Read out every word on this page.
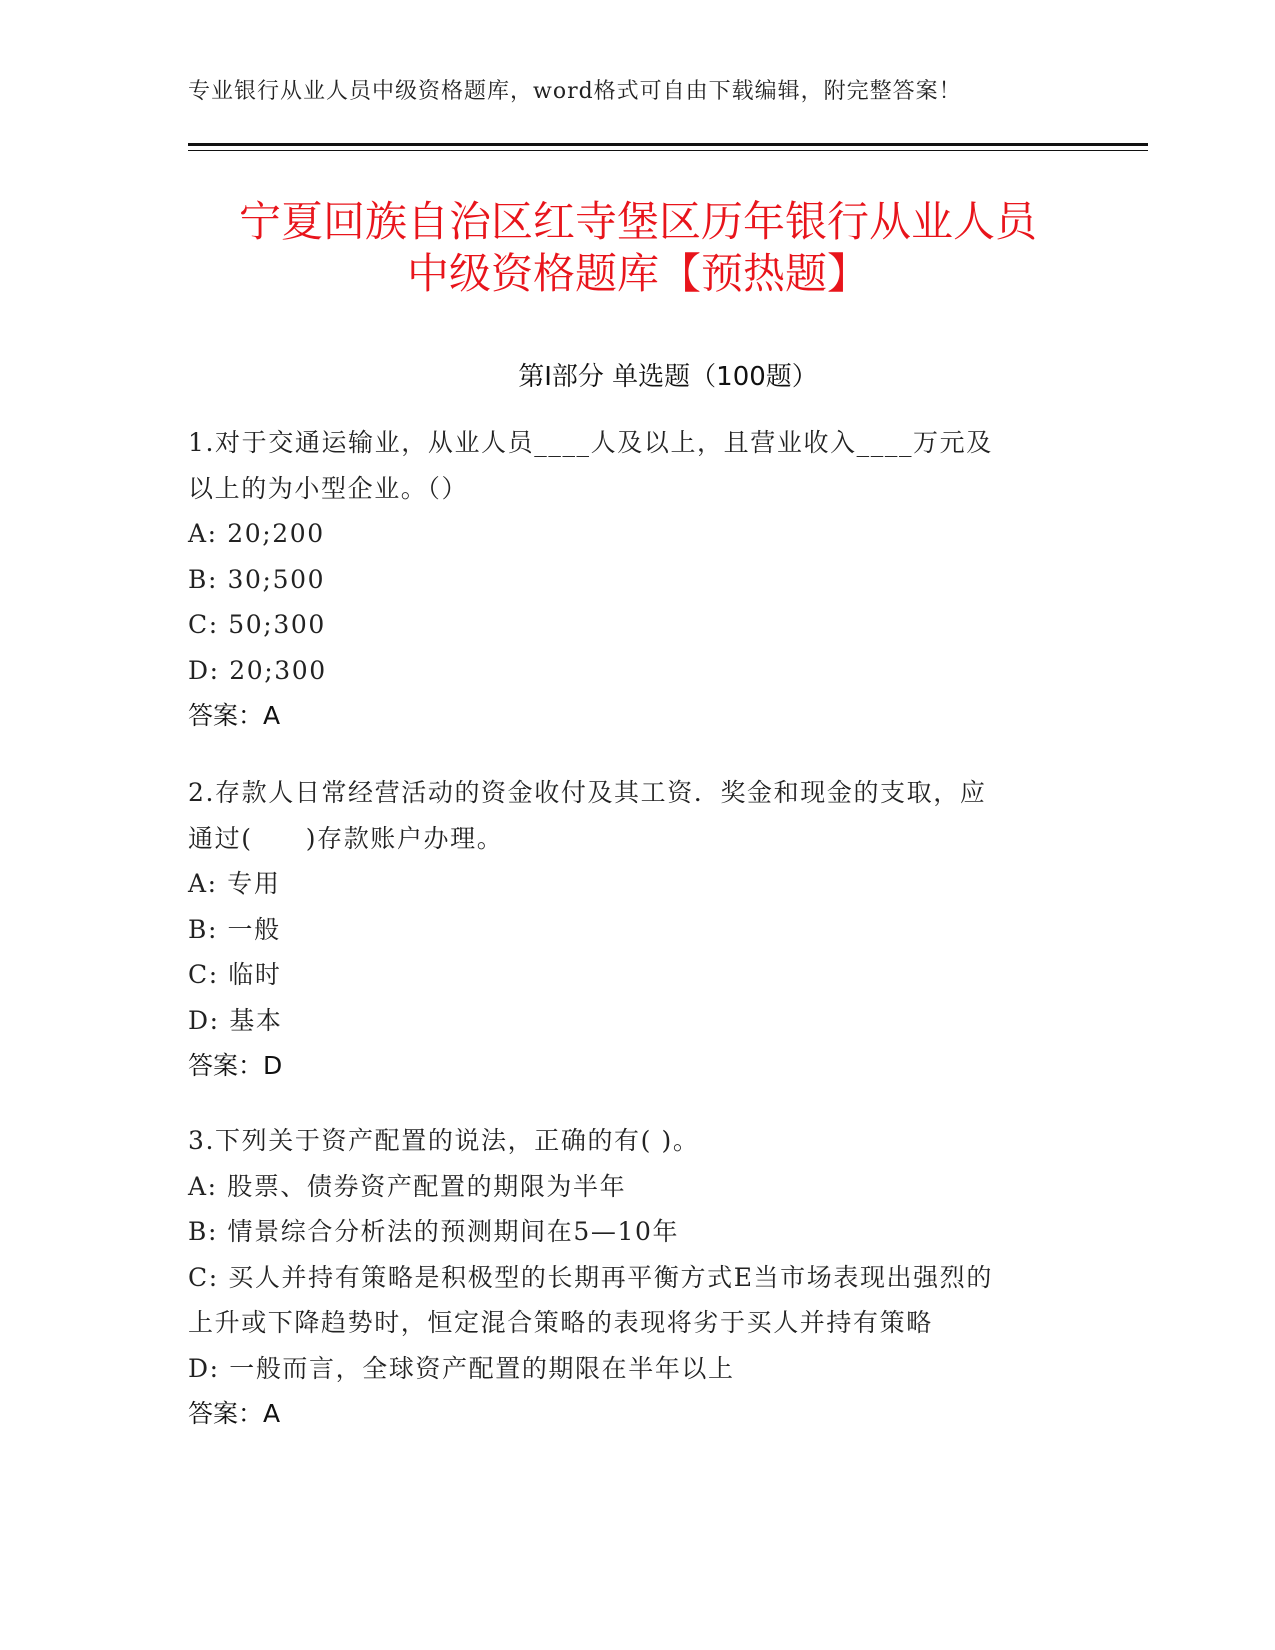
专业银行从业人员中级资格题库，word格式可自由下载编辑，附完整答案！
宁夏回族自治区红寺堡区历年银行从业人员
中级资格题库【预热题】
第Ⅰ部分 单选题（100题）
1.对于交通运输业，从业人员____人及以上，且营业收入____万元及
以上的为小型企业。（）
A: 20;200
B: 30;500
C: 50;300
D: 20;300
答案：A
2.存款人日常经营活动的资金收付及其工资．奖金和现金的支取，应
通过(　　)存款账户办理。
A: 专用
B: 一般
C: 临时
D: 基本
答案：D
3.下列关于资产配置的说法，正确的有( )。
A: 股票、债券资产配置的期限为半年
B: 情景综合分析法的预测期间在5—10年
C: 买人并持有策略是积极型的长期再平衡方式E当市场表现出强烈的
上升或下降趋势时，恒定混合策略的表现将劣于买人并持有策略
D: 一般而言，全球资产配置的期限在半年以上
答案：A
